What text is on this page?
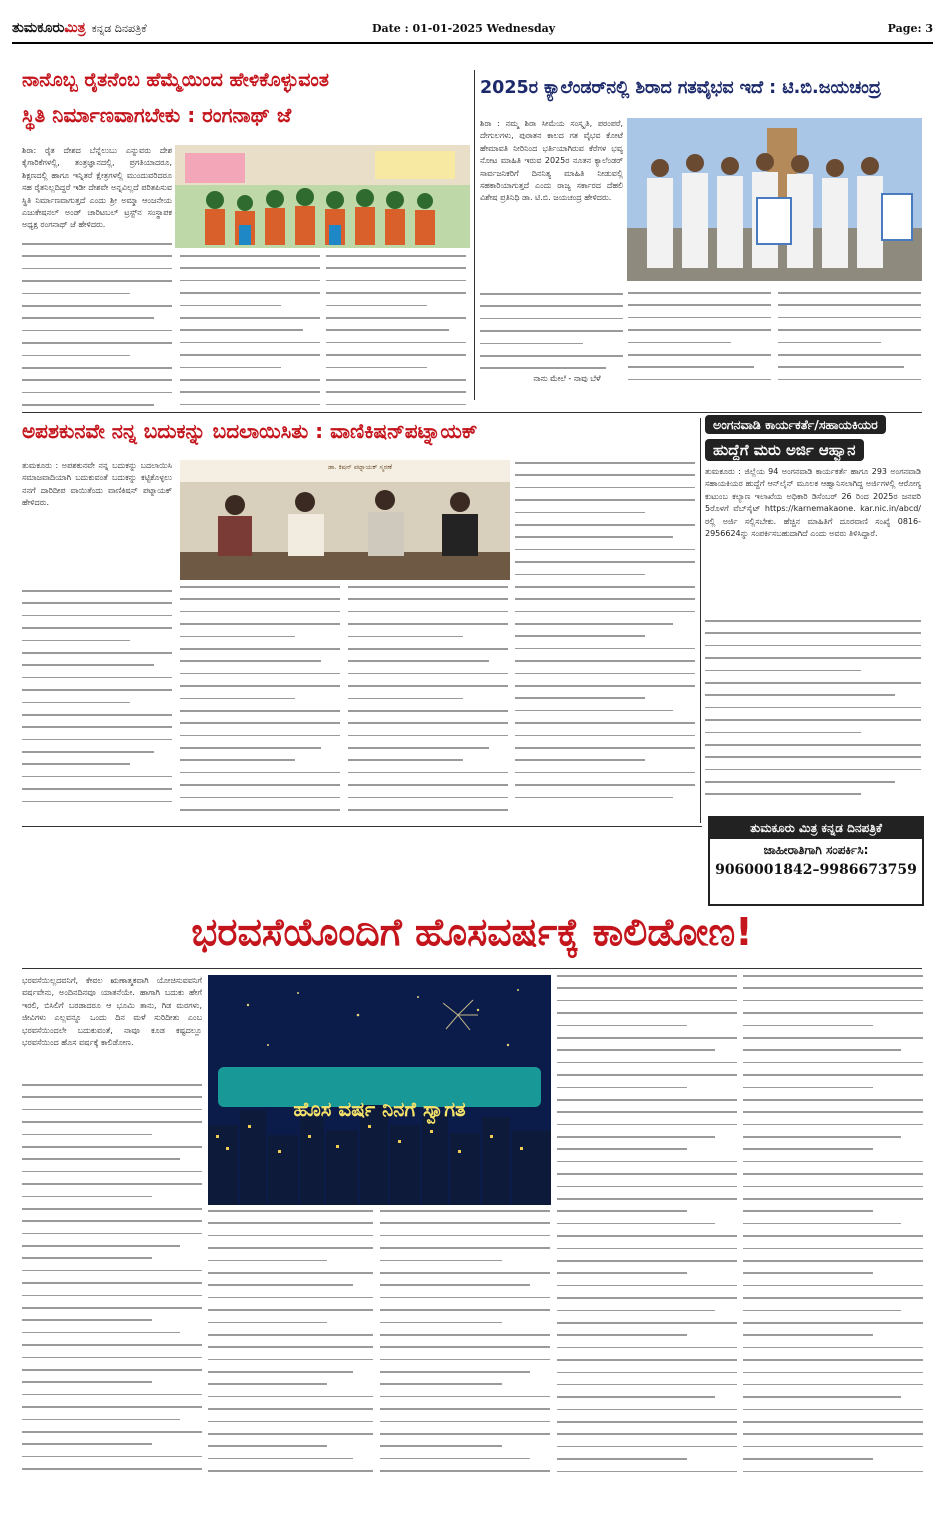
ತುಮಕೂರುಮಿತ್ರ ಕನ್ನಡ ದಿನಪತ್ರಿಕೆ	Date : 01-01-2025 Wednesday	Page: 3
ನಾನೊಬ್ಬ ರೈತನೆಂಬ ಹೆಮ್ಮೆಯಿಂದ ಹೇಳಿಕೊಳ್ಳುವಂತ
ಸ್ಥಿತಿ ನಿರ್ಮಾಣವಾಗಬೇಕು : ರಂಗನಾಥ್ ಜೆ
ಶಿರಾ: ರೈತ ದೇಶದ ಬೆನ್ನೆಲುಬು ಎನ್ನುವರು ದೇಶ ಕೈಗಾರಿಕೆಗಳಲ್ಲಿ, ತಂತ್ರಜ್ಞಾನದಲ್ಲಿ, ಪ್ರಗತಿಯಾದರೂ, ಶಿಕ್ಷಣದಲ್ಲಿ ಹಾಗೂ ಇನ್ನಿತರೆ ಕ್ಷೇತ್ರಗಳಲ್ಲಿ ಮುಂದುವರಿದರೂ ಸಹ ರೈತನಿಲ್ಲದಿದ್ದರೆ ಇಡೀ ದೇಶವೇ ಅನ್ನವಿಲ್ಲದೆ ಪರಿತಪಿಸುವ ಸ್ಥಿತಿ ನಿರ್ಮಾಣವಾಗುತ್ತದೆ ಎಂದು ಶ್ರೀ ಅಮ್ಮಾ ಆಂಜನೇಯ ಎಜುಕೇಷನಲ್ ಅಂಡ್ ಚಾರಿಟಬಲ್ ಟ್ರಸ್ಟ್‌ನ ಸಂಸ್ಥಾಪಕ ಅಧ್ಯಕ್ಷ ರಂಗನಾಥ್ ಜೆ ಹೇಳಿದರು.
2025ರ ಕ್ಯಾಲೆಂಡರ್‌ನಲ್ಲಿ ಶಿರಾದ ಗತವೈಭವ ಇದೆ : ಟಿ.ಬಿ.ಜಯಚಂದ್ರ
ಶಿರಾ : ನಮ್ಮ ಶಿರಾ ಸೀಮೆಯ ಸಂಸ್ಕೃತಿ, ಪರಂಪರೆ, ದೇಗುಲಗಳು, ಪುರಾತನ ಕಾಲದ ಗತ ವೈಭವ ಕೋಟೆ ಹೇಮಾವತಿ ನೀರಿನಿಂದ ಭರ್ತಿಯಾಗಿರುವ ಕೆರೆಗಳ ಭವ್ಯ ನೋಟ ಮಾಹಿತಿ ಇರುವ 2025ರ ನೂತನ ಕ್ಯಾಲೆಂಡರ್ ಸಾರ್ವಜನಿಕರಿಗೆ ದಿನನಿತ್ಯ ಮಾಹಿತಿ ನೀಡುವಲ್ಲಿ ಸಹಕಾರಿಯಾಗುತ್ತದೆ ಎಂದು ರಾಜ್ಯ ಸರ್ಕಾರದ ದೆಹಲಿ ವಿಶೇಷ ಪ್ರತಿನಿಧಿ ಡಾ. ಟಿ.ಬಿ. ಜಯಚಂದ್ರ ಹೇಳಿದರು.
ನಾನು ಮೇಲೆ - ನಾವು ಬೆಳೆ
ಅಪಶಕುನವೇ ನನ್ನ ಬದುಕನ್ನು ಬದಲಾಯಿಸಿತು : ವಾಣಿಕಿಷನ್‌ಪಟ್ನಾಯಕ್
ತುಮಕೂರು : ಅಪಶಕುನವೇ ನನ್ನ ಬದುಕನ್ನು ಬದಲಾಯಿಸಿ ಸಮಾಜವಾದಿಯಾಗಿ ಬದುಕುವಂತೆ ಬದುಕನ್ನು ಕಟ್ಟಿಕೊಳ್ಳಲು ನನಗೆ ದಾರಿದೀಪ ವಾಯಿತೆಂದು ವಾಣಿಕಿಷನ್ ಪಟ್ನಾಯಕ್ ಹೇಳಿದರು.
ಡಾ. ಕಿಷನ್ ಪಟ್ನಾಯಕ್ ಸ್ಮರಣೆ
ಅಂಗನವಾಡಿ ಕಾರ್ಯಕರ್ತೆ/ಸಹಾಯಕಿಯರ
ಹುದ್ದೆಗೆ ಮರು ಅರ್ಜಿ ಆಹ್ವಾನ
ತುಮಕೂರು : ಜಿಲ್ಲೆಯ 94 ಅಂಗನವಾಡಿ ಕಾರ್ಯಕರ್ತೆ ಹಾಗೂ 293 ಅಂಗನವಾಡಿ ಸಹಾಯಕಿಯರ ಹುದ್ದೆಗೆ ಆನ್‌ಲೈನ್ ಮೂಲಕ ಆಹ್ವಾನಿಸಲಾಗಿದ್ದ ಅರ್ಜಿಗಳಲ್ಲಿ ಆರೋಗ್ಯ ಕುಟುಂಬ ಕಲ್ಯಾಣ ಇಲಾಖೆಯ ಅಧಿಕಾರಿ ಡಿಸೆಂಬರ್ 26 ರಿಂದ 2025ರ ಜನವರಿ 5ರೊಳಗೆ ವೆಬ್‌ಸೈಟ್ https://karnemakaone. kar.nic.in/abcd/ ರಲ್ಲಿ ಅರ್ಜಿ ಸಲ್ಲಿಸಬೇಕು. ಹೆಚ್ಚಿನ ಮಾಹಿತಿಗೆ ದೂರವಾಣಿ ಸಂಖ್ಯೆ 0816-2956624ನ್ನು ಸಂಪರ್ಕಿಸಬಹುದಾಗಿದೆ ಎಂದು ಅವರು ತಿಳಿಸಿದ್ದಾರೆ.
ತುಮಕೂರು ಮಿತ್ರ ಕನ್ನಡ ದಿನಪತ್ರಿಕೆ
ಜಾಹೀರಾತಿಗಾಗಿ ಸಂಪರ್ಕಿಸಿ:
9060001842–9986673759
ಭರವಸೆಯೊಂದಿಗೆ ಹೊಸವರ್ಷಕ್ಕೆ ಕಾಲಿಡೋಣ!
ಭರವಸೆಯಿಲ್ಲದವನಿಗೆ, ಕೇವಲ ಋಣಾತ್ಮಕವಾಗಿ ಯೋಚಿಸುವವನಿಗೆ ವರ್ಷವೇನು, ಅಂದಿನದಿನವೂ ಯಾತನೆಯೇ. ಹಾಗಾಗಿ ಬದುಕು ಹೇಗೆ ಇರಲಿ, ಬಿಸಿಲಿಗೆ ಬರಡಾದರೂ ಆ ಭೂಮಿ ತಾನು, ಗಿಡ ಮರಗಳು, ಜೀವಿಗಳು ಎಲ್ಲವನ್ನೂ ಒಂದು ದಿನ ಮಳೆ ಸುರಿದೀತು ಎಂಬ ಭರವಸೆಯಿಂದಲೇ ಬದುಕುವಂತೆ, ನಾವೂ ಕೂಡ ಕಷ್ಟದಲ್ಲೂ ಭರವಸೆಯಿಂದ ಹೊಸ ವರ್ಷಕ್ಕೆ ಕಾಲಿಡೋಣ.
ಹೊಸ ವರ್ಷ ನಿನಗೆ ಸ್ವಾಗತ
